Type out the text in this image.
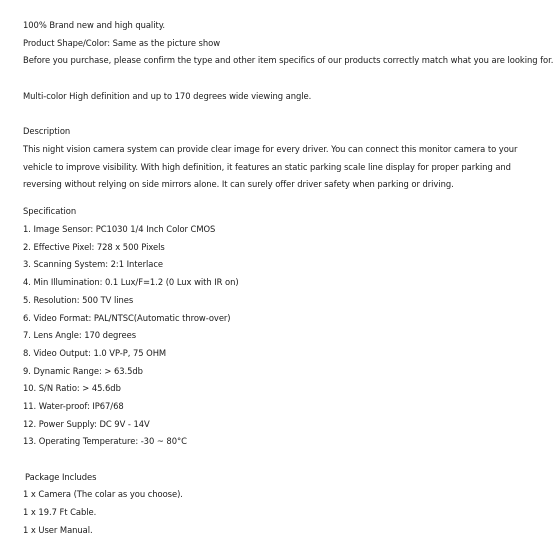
100% Brand new and high quality.
Product Shape/Color: Same as the picture show
Before you purchase, please confirm the type and other item specifics of our products correctly match what you are looking for.
Multi-color High definition and up to 170 degrees wide viewing angle.
Description
This night vision camera system can provide clear image for every driver. You can connect this monitor camera to your
vehicle to improve visibility. With high definition, it features an static parking scale line display for proper parking and
reversing without relying on side mirrors alone. It can surely offer driver safety when parking or driving.
Specification
1. Image Sensor: PC1030 1/4 Inch Color CMOS
2. Effective Pixel: 728 x 500 Pixels
3. Scanning System: 2:1 Interlace
4. Min Illumination: 0.1 Lux/F=1.2 (0 Lux with IR on)
5. Resolution: 500 TV lines
6. Video Format: PAL/NTSC(Automatic throw-over)
7. Lens Angle: 170 degrees
8. Video Output: 1.0 VP-P, 75 OHM
9. Dynamic Range: > 63.5db
10. S/N Ratio: > 45.6db
11. Water-proof: IP67/68
12. Power Supply: DC 9V - 14V
13. Operating Temperature: -30 ~ 80°C
Package Includes
1 x Camera (The colar as you choose).
1 x 19.7 Ft Cable.
1 x User Manual.
